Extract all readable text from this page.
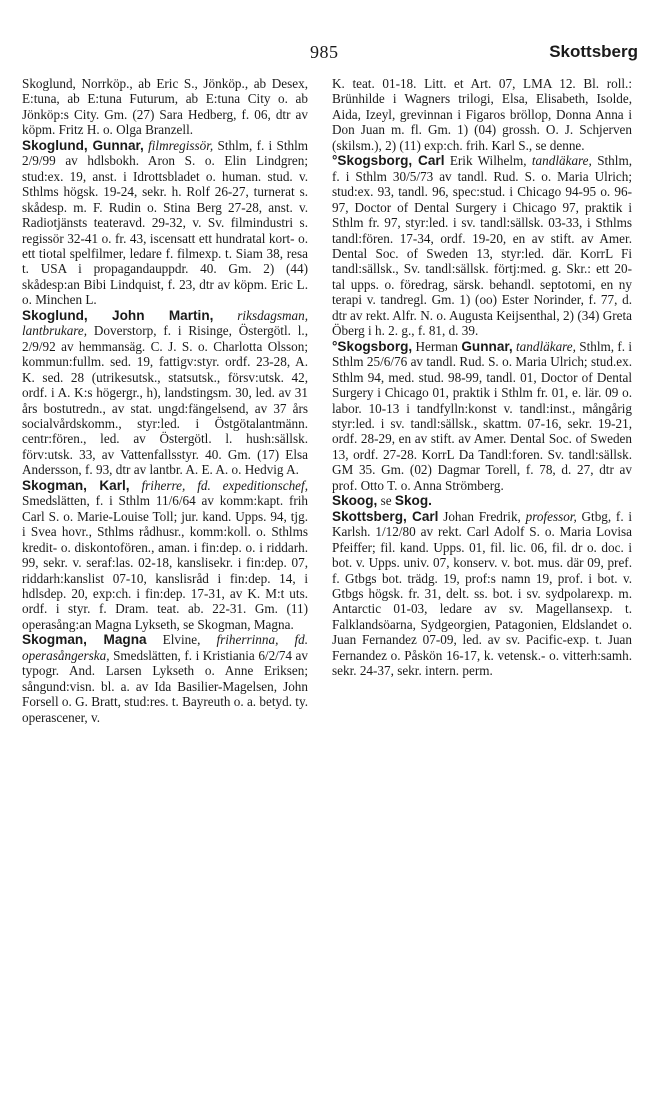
985	Skottsberg

Skoglund, Norrköp., ab Eric S., Jönköp., ab Desex, E:tuna, ab E:tuna Futurum, ab E:tuna City o. ab Jönköp:s City. Gm. (27) Sara Hedberg, f. 06, dtr av köpm. Fritz H. o. Olga Branzell.

Skoglund, Gunnar, filmregissör, Sthlm, f. i Sthlm 2/9/99 av hdlsbokh. Aron S. o. Elin Lindgren; stud:ex. 19, anst. i Idrottsbladet o. human. stud. v. Sthlms högsk. 19-24, sekr. h. Rolf 26-27, turnerat s. skådesp. m. F. Rudin o. Stina Berg 27-28, anst. v. Radiotjänsts teateravd. 29-32, v. Sv. filmindustri s. regissör 32-41 o. fr. 43, iscensatt ett hundratal kort- o. ett tiotal spelfilmer, ledare f. filmexp. t. Siam 38, resa t. USA i propagandauppdr. 40. Gm. 2) (44) skådesp:an Bibi Lindquist, f. 23, dtr av köpm. Eric L. o. Minchen L.

Skoglund, John Martin, riksdagsman, lantbrukare, Doverstorp, f. i Risinge, Östergötl. l., 2/9/92 av hemmansäg. C. J. S. o. Charlotta Olsson; kommun:fullm. sed. 19, fattigv:styr. ordf. 23-28, A. K. sed. 28 (utrikesutsk., statsutsk., försv:utsk. 42, ordf. i A. K:s högergr., h), landstingsm. 30, led. av 31 års bostutredn., av stat. ungd:fängelsend, av 37 års socialvårdskomm., styr:led. i Östgötalantmänn. centr:fören., led. av Östergötl. l. hush:sällsk. förv:utsk. 33, av Vattenfallsstyr. 40. Gm. (17) Elsa Andersson, f. 93, dtr av lantbr. A. E. A. o. Hedvig A.

Skogman, Karl, friherre, fd. expeditionschef, Smedslätten, f. i Sthlm 11/6/64 av komm:kapt. frih Carl S. o. Marie-Louise Toll; jur. kand. Upps. 94, tjg. i Svea hovr., Sthlms rådhusr., komm:koll. o. Sthlms kredit- o. diskontofören., aman. i fin:dep. o. i riddarh. 99, sekr. v. seraf:las. 02-18, kanslisekr. i fin:dep. 07, riddarh:kanslist 07-10, kanslisråd i fin:dep. 14, i hdlsdep. 20, exp:ch. i fin:dep. 17-31, av K. M:t uts. ordf. i styr. f. Dram. teat. ab. 22-31. Gm. (11) operasång:an Magna Lykseth, se Skogman, Magna.

Skogman, Magna Elvine, friherrinna, fd. operasångerska, Smedslätten, f. i Kristiania 6/2/74 av typogr. And. Larsen Lykseth o. Anne Eriksen; sångund:visn. bl. a. av Ida Basilier-Magelsen, John Forsell o. G. Bratt, stud:res. t. Bayreuth o. a. betyd. ty. operascener, v.

K. teat. 01-18. Litt. et Art. 07, LMA 12. Bl. roll.: Brünhilde i Wagners trilogi, Elsa, Elisabeth, Isolde, Aida, Izeyl, grevinnan i Figaros bröllop, Donna Anna i Don Juan m. fl. Gm. 1) (04) grossh. O. J. Schjerven (skilsm.), 2) (11) exp:ch. frih. Karl S., se denne.

°Skogsborg, Carl Erik Wilhelm, tandläkare, Sthlm, f. i Sthlm 30/5/73 av tandl. Rud. S. o. Maria Ulrich; stud:ex. 93, tandl. 96, spec:stud. i Chicago 94-95 o. 96-97, Doctor of Dental Surgery i Chicago 97, praktik i Sthlm fr. 97, styr:led. i sv. tandl:sällsk. 03-33, i Sthlms tandl:fören. 17-34, ordf. 19-20, en av stift. av Amer. Dental Soc. of Sweden 13, styr:led. där. KorrL Fi tandl:sällsk., Sv. tandl:sällsk. förtj:med. g. Skr.: ett 20-tal upps. o. föredrag, särsk. behandl. septotomi, en ny terapi v. tandregl. Gm. 1) (oo) Ester Norinder, f. 77, d. dtr av rekt. Alfr. N. o. Augusta Keijsenthal, 2) (34) Greta Öberg i h. 2. g., f. 81, d. 39.

°Skogsborg, Herman Gunnar, tandläkare, Sthlm, f. i Sthlm 25/6/76 av tandl. Rud. S. o. Maria Ulrich; stud.ex. Sthlm 94, med. stud. 98-99, tandl. 01, Doctor of Dental Surgery i Chicago 01, praktik i Sthlm fr. 01, e. lär. 09 o. labor. 10-13 i tandfylln:konst v. tandl:inst., mångårig styr:led. i sv. tandl:sällsk., skattm. 07-16, sekr. 19-21, ordf. 28-29, en av stift. av Amer. Dental Soc. of Sweden 13, ordf. 27-28. KorrL Da Tandl:foren. Sv. tandl:sällsk. GM 35. Gm. (02) Dagmar Torell, f. 78, d. 27, dtr av prof. Otto T. o. Anna Strömberg.

Skoog, se Skog.

Skottsberg, Carl Johan Fredrik, professor, Gtbg, f. i Karlsh. 1/12/80 av rekt. Carl Adolf S. o. Maria Lovisa Pfeiffer; fil. kand. Upps. 01, fil. lic. 06, fil. dr o. doc. i bot. v. Upps. univ. 07, konserv. v. bot. mus. där 09, pref. f. Gtbgs bot. trädg. 19, prof:s namn 19, prof. i bot. v. Gtbgs högsk. fr. 31, delt. ss. bot. i sv. sydpolarexp. m. Antarctic 01-03, ledare av sv. Magellansexp. t. Falklandsöarna, Sydgeorgien, Patagonien, Eldslandet o. Juan Fernandez 07-09, led. av sv. Pacific-exp. t. Juan Fernandez o. Påskön 16-17, k. vetensk.- o. vitterh:samh. sekr. 24-37, sekr. intern. perm.
